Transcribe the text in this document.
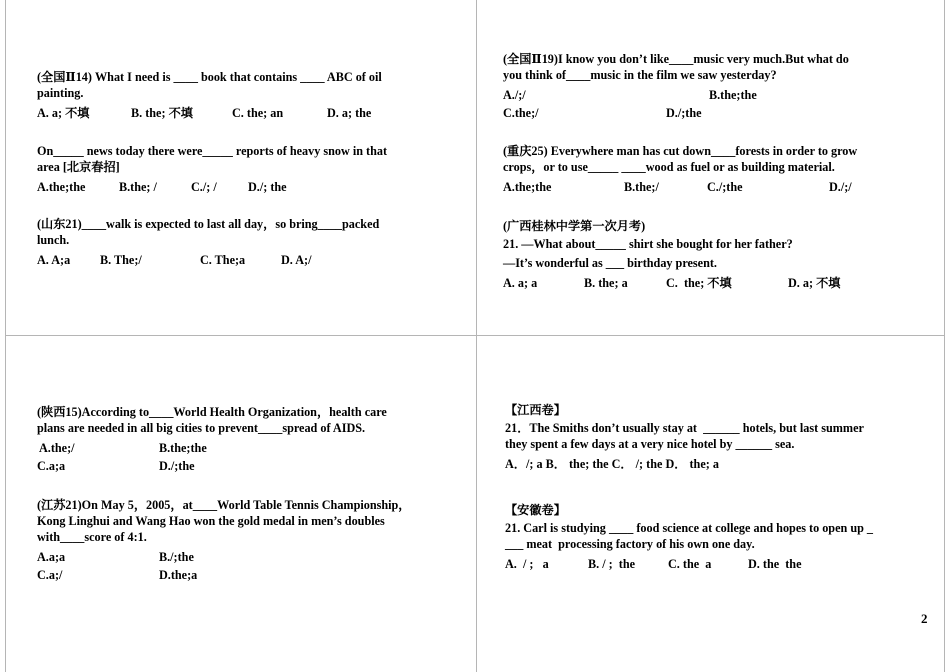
(全国Ⅱ14) What I need is ____ book that contains ____ ABC of oil
painting.
A. a; 不填	B. the; 不填	C. the; an	D. a; the
On_____ news today there were_____ reports of heavy snow in that
area [北京春招]
A.the;the	B.the; /	C./; /	D./; the
(山东21)____walk is expected to last all day，so bring____packed
lunch.
A. A;a B. The;/	C. The;a	D. A;/
(全国Ⅱ19)I know you don’t like____music very much.But what do
you think of____music in the film we saw yesterday?
A./;/	B.the;the
C.the;/	D./;the
(重庆25) Everywhere man has cut down____forests in order to grow
crops，or to use_____ ____wood as fuel or as building material.
A.the;the	B.the;/	C./;the	D./;/
(广西桂林中学第一次月考)
21. —What about_____ shirt she bought for her father?
—It’s wonderful as ___ birthday present.
A. a; a	B. the; a	C.  the; 不填	D. a; 不填
(陕西15)According to____World Health Organization，health care
plans are needed in all big cities to prevent____spread of AIDS.
A.the;/	B.the;the
C.a;a	D./;the
(江苏21)On May 5，2005，at____World Table Tennis Championship，
Kong Linghui and Wang Hao won the gold medal in men’s doubles
with____score of 4:1.
A.a;a	B./;the
C.a;/	D.the;a
【江西卷】
21．The Smiths don’t usually stay at  ______ hotels, but last summer
they spent a few days at a very nice hotel by ______ sea.
A．/; a B． the; the C． /; the D． the; a
【安徽卷】
21. Carl is studying ____ food science at college and hopes to open up _
___ meat  processing factory of his own one day.
A.  / ;   a	B. / ;  the	C. the  a	D. the  the
2
